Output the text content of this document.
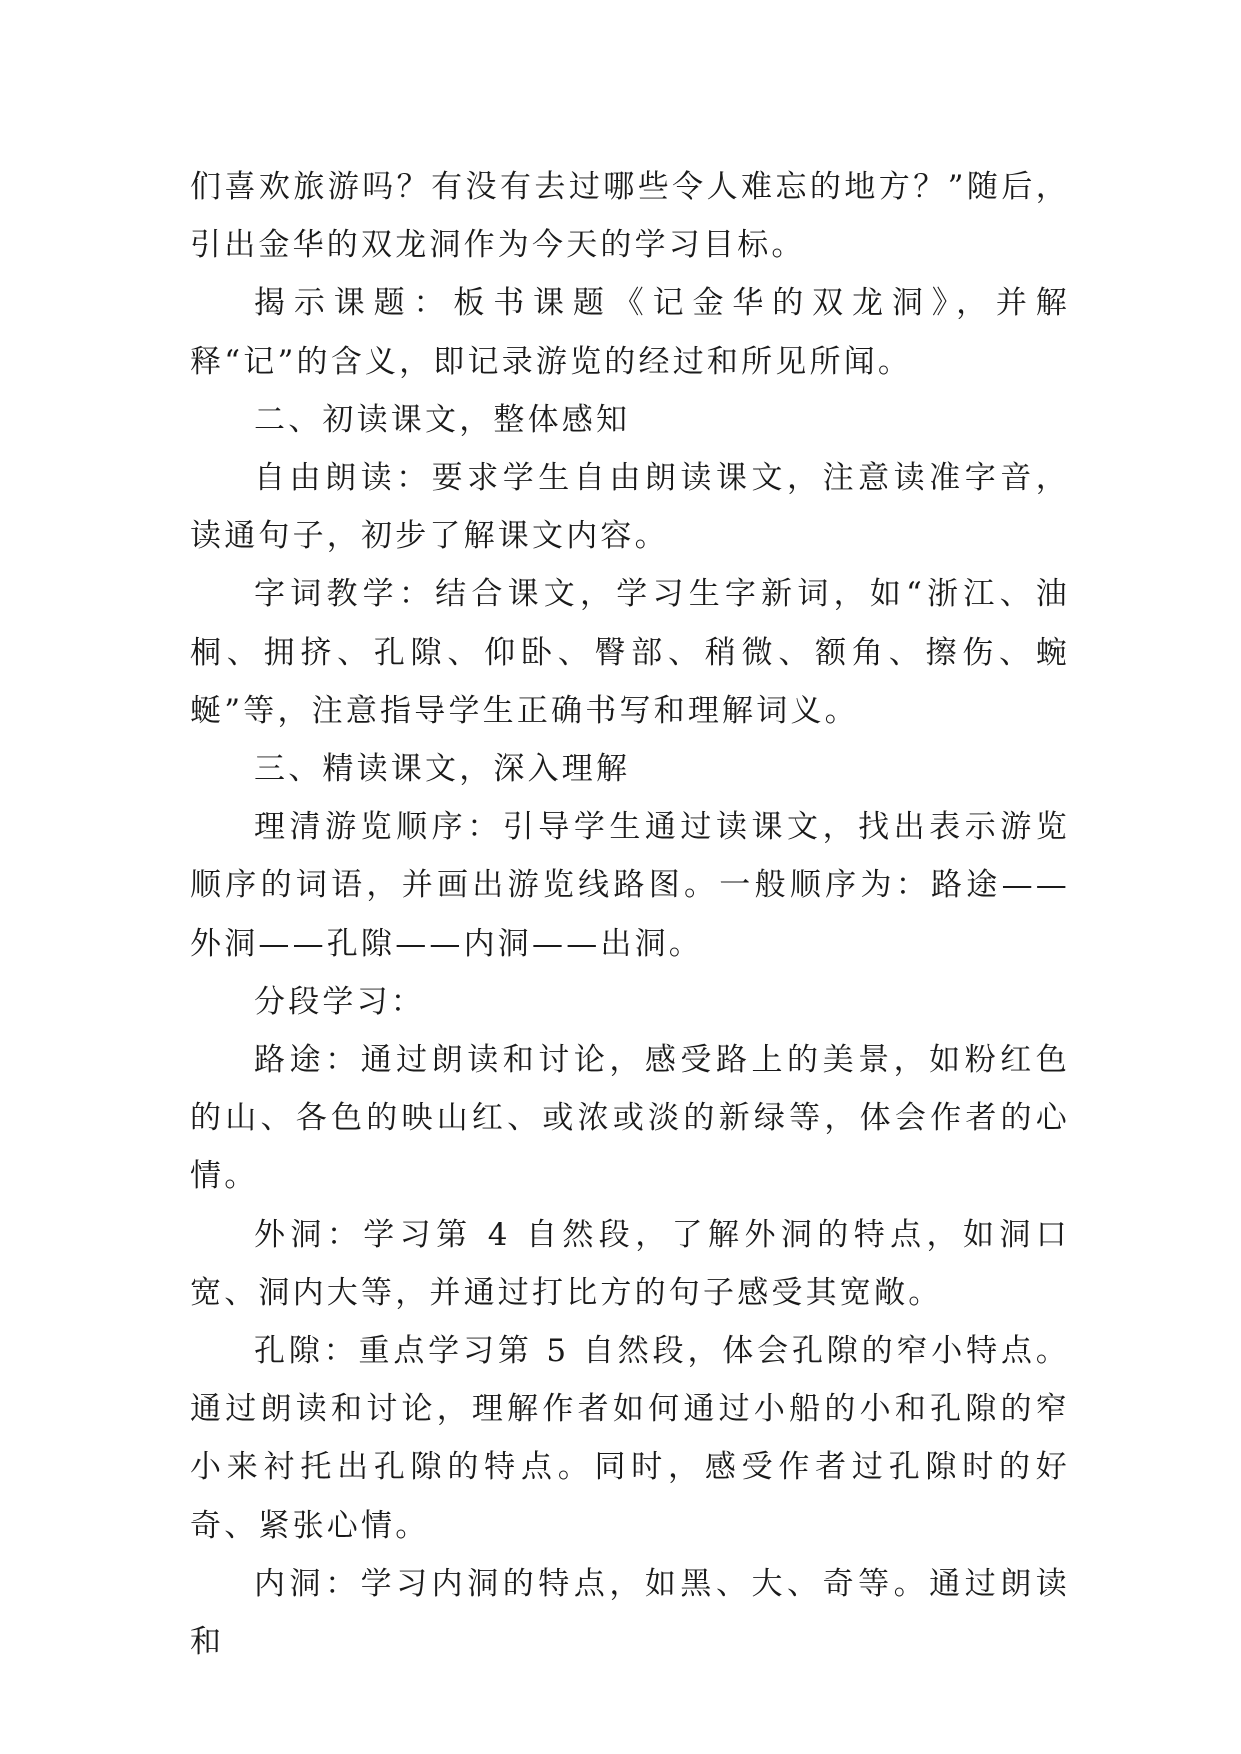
们喜欢旅游吗？有没有去过哪些令人难忘的地方？”随后，引出金华的双龙洞作为今天的学习目标。

揭示课题：板书课题《记金华的双龙洞》，并解释“记”的含义，即记录游览的经过和所见所闻。

二、初读课文，整体感知

自由朗读：要求学生自由朗读课文，注意读准字音，读通句子，初步了解课文内容。

字词教学：结合课文，学习生字新词，如“浙江、油桐、拥挤、孔隙、仰卧、臀部、稍微、额角、擦伤、蜿蜒”等，注意指导学生正确书写和理解词义。

三、精读课文，深入理解

理清游览顺序：引导学生通过读课文，找出表示游览顺序的词语，并画出游览线路图。一般顺序为：路途——外洞——孔隙——内洞——出洞。

分段学习：

路途：通过朗读和讨论，感受路上的美景，如粉红色的山、各色的映山红、或浓或淡的新绿等，体会作者的心情。

外洞：学习第 4 自然段，了解外洞的特点，如洞口宽、洞内大等，并通过打比方的句子感受其宽敞。

孔隙：重点学习第 5 自然段，体会孔隙的窄小特点。通过朗读和讨论，理解作者如何通过小船的小和孔隙的窄小来衬托出孔隙的特点。同时，感受作者过孔隙时的好奇、紧张心情。

内洞：学习内洞的特点，如黑、大、奇等。通过朗读和
